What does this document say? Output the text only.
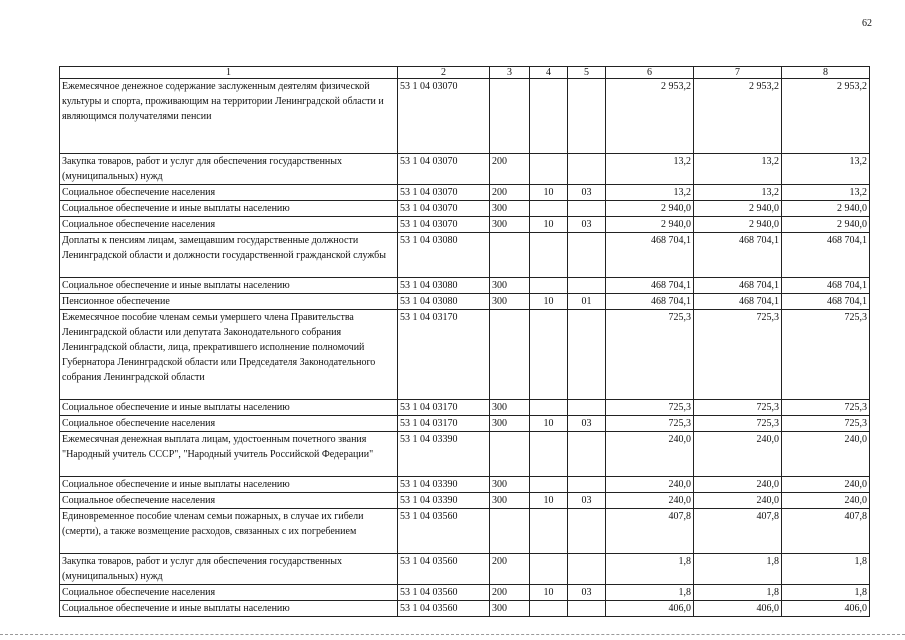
62
1	2	3	4	5	6	7	8
Ежемесячное денежное содержание заслуженным деятелям физической культуры и спорта, проживающим на территории Ленинградской области и являющимся получателями пенсии	53 1 04 03070				2 953,2	2 953,2	2 953,2
Закупка товаров, работ и услуг для обеспечения государственных (муниципальных) нужд	53 1 04 03070	200			13,2	13,2	13,2
Социальное обеспечение населения	53 1 04 03070	200	10	03	13,2	13,2	13,2
Социальное обеспечение и иные выплаты населению	53 1 04 03070	300			2 940,0	2 940,0	2 940,0
Социальное обеспечение населения	53 1 04 03070	300	10	03	2 940,0	2 940,0	2 940,0
Доплаты к пенсиям лицам, замещавшим государственные должности Ленинградской области и должности государственной гражданской службы	53 1 04 03080				468 704,1	468 704,1	468 704,1
Социальное обеспечение и иные выплаты населению	53 1 04 03080	300			468 704,1	468 704,1	468 704,1
Пенсионное обеспечение	53 1 04 03080	300	10	01	468 704,1	468 704,1	468 704,1
Ежемесячное пособие членам семьи умершего члена Правительства Ленинградской области или депутата Законодательного собрания Ленинградской области, лица, прекратившего исполнение полномочий Губернатора Ленинградской области или Председателя Законодательного собрания Ленинградской области	53 1 04 03170				725,3	725,3	725,3
Социальное обеспечение и иные выплаты населению	53 1 04 03170	300			725,3	725,3	725,3
Социальное обеспечение населения	53 1 04 03170	300	10	03	725,3	725,3	725,3
Ежемесячная денежная выплата лицам, удостоенным почетного звания "Народный учитель СССР", "Народный учитель Российской Федерации"	53 1 04 03390				240,0	240,0	240,0
Социальное обеспечение и иные выплаты населению	53 1 04 03390	300			240,0	240,0	240,0
Социальное обеспечение населения	53 1 04 03390	300	10	03	240,0	240,0	240,0
Единовременное пособие членам семьи пожарных, в случае их гибели (смерти), а также возмещение расходов, связанных с их погребением	53 1 04 03560				407,8	407,8	407,8
Закупка товаров, работ и услуг для обеспечения государственных (муниципальных) нужд	53 1 04 03560	200			1,8	1,8	1,8
Социальное обеспечение населения	53 1 04 03560	200	10	03	1,8	1,8	1,8
Социальное обеспечение и иные выплаты населению	53 1 04 03560	300			406,0	406,0	406,0
